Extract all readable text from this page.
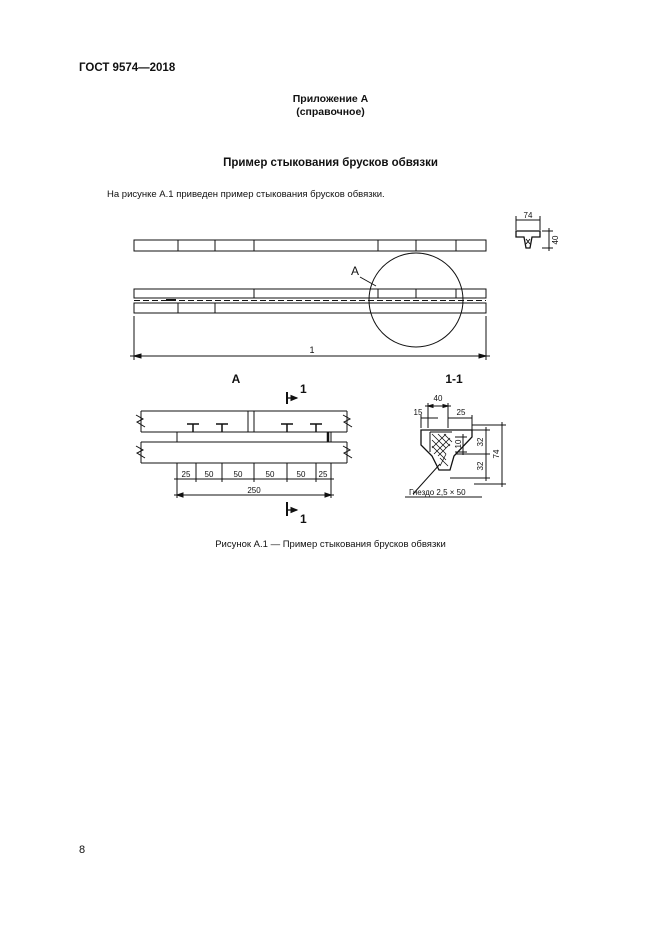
ГОСТ 9574—2018
Приложение А
(справочное)
Пример стыкования брусков обвязки
На рисунке А.1 приведен пример стыкования брусков обвязки.
74
40
А
1
А
1
1
25 50	50	50	50 25
250
1-1
40
15	25
10 32
32
74
Гнездо 2,5 × 50
Рисунок А.1 — Пример стыкования брусков обвязки
8
